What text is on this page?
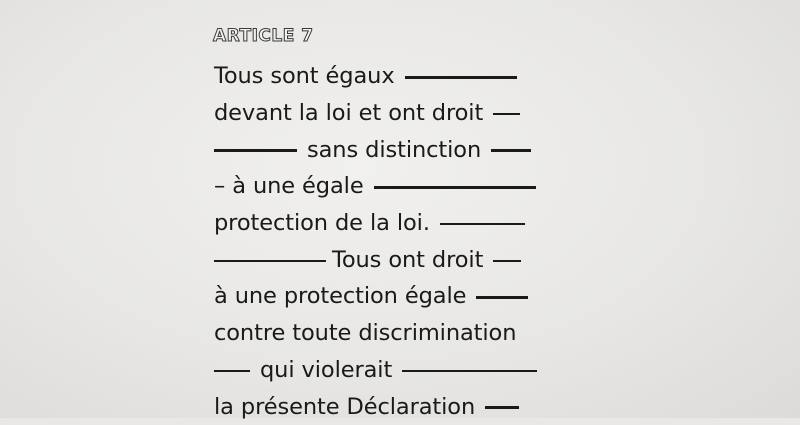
ARTICLE 7
Tous sont égaux
devant la loi et ont droit
sans distinction
– à une égale
protection de la loi.
Tous ont droit
à une protection égale
contre toute discrimination
qui violerait
la présente Déclaration
